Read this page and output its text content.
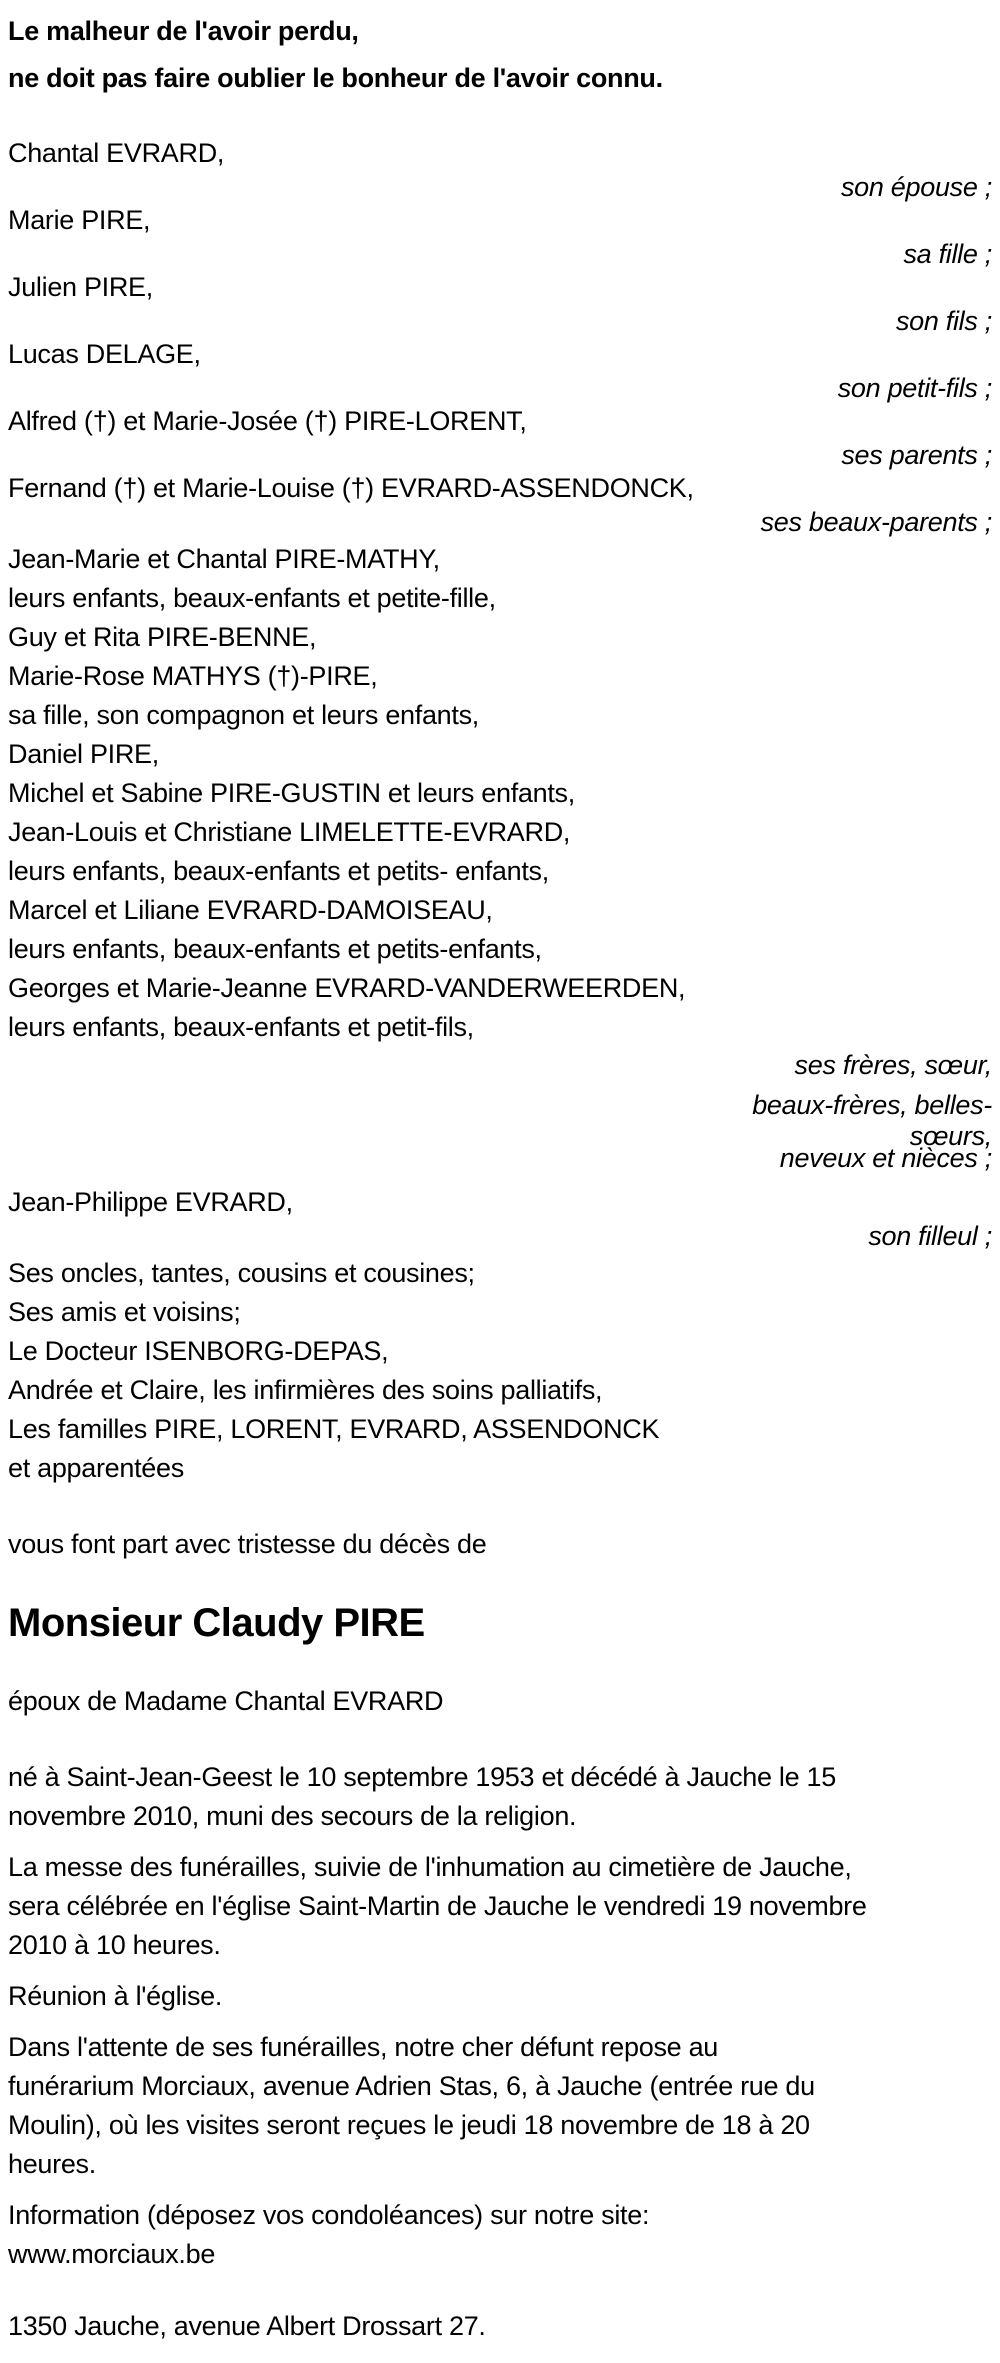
Le malheur de l'avoir perdu,
ne doit pas faire oublier le bonheur de l'avoir connu.
Chantal EVRARD,
son épouse ;
Marie PIRE,
sa fille ;
Julien PIRE,
son fils ;
Lucas DELAGE,
son petit-fils ;
Alfred (†) et Marie-Josée (†) PIRE-LORENT,
ses parents ;
Fernand (†) et Marie-Louise (†) EVRARD-ASSENDONCK,
ses beaux-parents ;
Jean-Marie et Chantal PIRE-MATHY,
leurs enfants, beaux-enfants et petite-fille,
Guy et Rita PIRE-BENNE,
Marie-Rose MATHYS (†)-PIRE,
sa fille, son compagnon et leurs enfants,
Daniel PIRE,
Michel et Sabine PIRE-GUSTIN et leurs enfants,
Jean-Louis et Christiane LIMELETTE-EVRARD,
leurs enfants, beaux-enfants et petits- enfants,
Marcel et Liliane EVRARD-DAMOISEAU,
leurs enfants, beaux-enfants et petits-enfants,
Georges et Marie-Jeanne EVRARD-VANDERWEERDEN,
leurs enfants, beaux-enfants et petit-fils,
ses frères, sœur,
beaux-frères, belles-
sœurs,
neveux et nièces ;
Jean-Philippe EVRARD,
son filleul ;
Ses oncles, tantes, cousins et cousines;
Ses amis et voisins;
Le Docteur ISENBORG-DEPAS,
Andrée et Claire, les infirmières des soins palliatifs,
Les familles PIRE, LORENT, EVRARD, ASSENDONCK
et apparentées
vous font part avec tristesse du décès de
Monsieur Claudy PIRE
époux de Madame Chantal EVRARD
né à Saint-Jean-Geest le 10 septembre 1953 et décédé à Jauche le 15
novembre 2010, muni des secours de la religion.
La messe des funérailles, suivie de l'inhumation au cimetière de Jauche,
sera célébrée en l'église Saint-Martin de Jauche le vendredi 19 novembre
2010 à 10 heures.
Réunion à l'église.
Dans l'attente de ses funérailles, notre cher défunt repose au
funérarium Morciaux, avenue Adrien Stas, 6, à Jauche (entrée rue du
Moulin), où les visites seront reçues le jeudi 18 novembre de 18 à 20
heures.
Information (déposez vos condoléances) sur notre site:
www.morciaux.be
1350 Jauche, avenue Albert Drossart 27.
